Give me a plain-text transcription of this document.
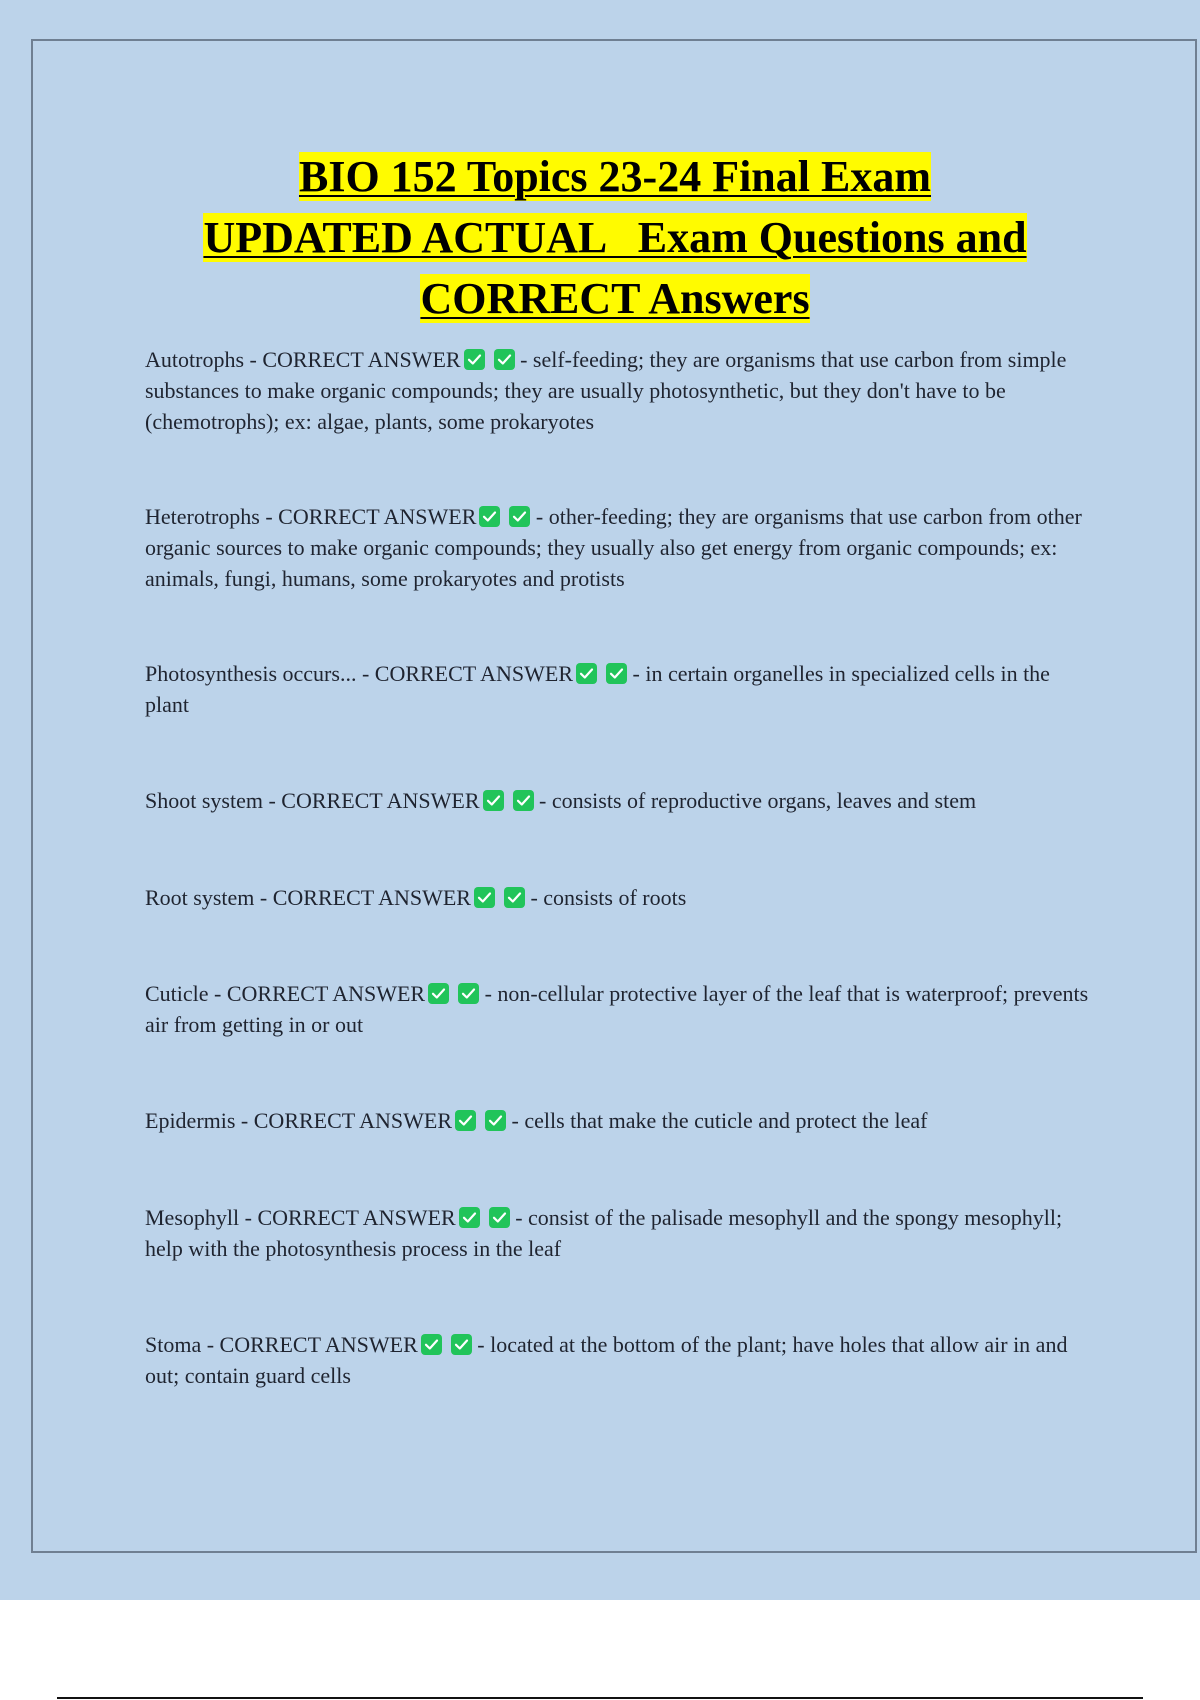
BIO 152 Topics 23-24 Final Exam
UPDATED ACTUAL   Exam Questions and
CORRECT Answers
Autotrophs - CORRECT ANSWER	- self-feeding; they are organisms that use carbon from simple substances to make organic compounds; they are usually photosynthetic, but they don't have to be (chemotrophs); ex: algae, plants, some prokaryotes
Heterotrophs - CORRECT ANSWER	- other-feeding; they are organisms that use carbon from other organic sources to make organic compounds; they usually also get energy from organic compounds; ex: animals, fungi, humans, some prokaryotes and protists
Photosynthesis occurs... - CORRECT ANSWER	- in certain organelles in specialized cells in the plant
Shoot system - CORRECT ANSWER	- consists of reproductive organs, leaves and stem
Root system - CORRECT ANSWER	- consists of roots
Cuticle - CORRECT ANSWER	- non-cellular protective layer of the leaf that is waterproof; prevents air from getting in or out
Epidermis - CORRECT ANSWER	- cells that make the cuticle and protect the leaf
Mesophyll - CORRECT ANSWER	- consist of the palisade mesophyll and the spongy mesophyll; help with the photosynthesis process in the leaf
Stoma - CORRECT ANSWER	- located at the bottom of the plant; have holes that allow air in and out; contain guard cells
